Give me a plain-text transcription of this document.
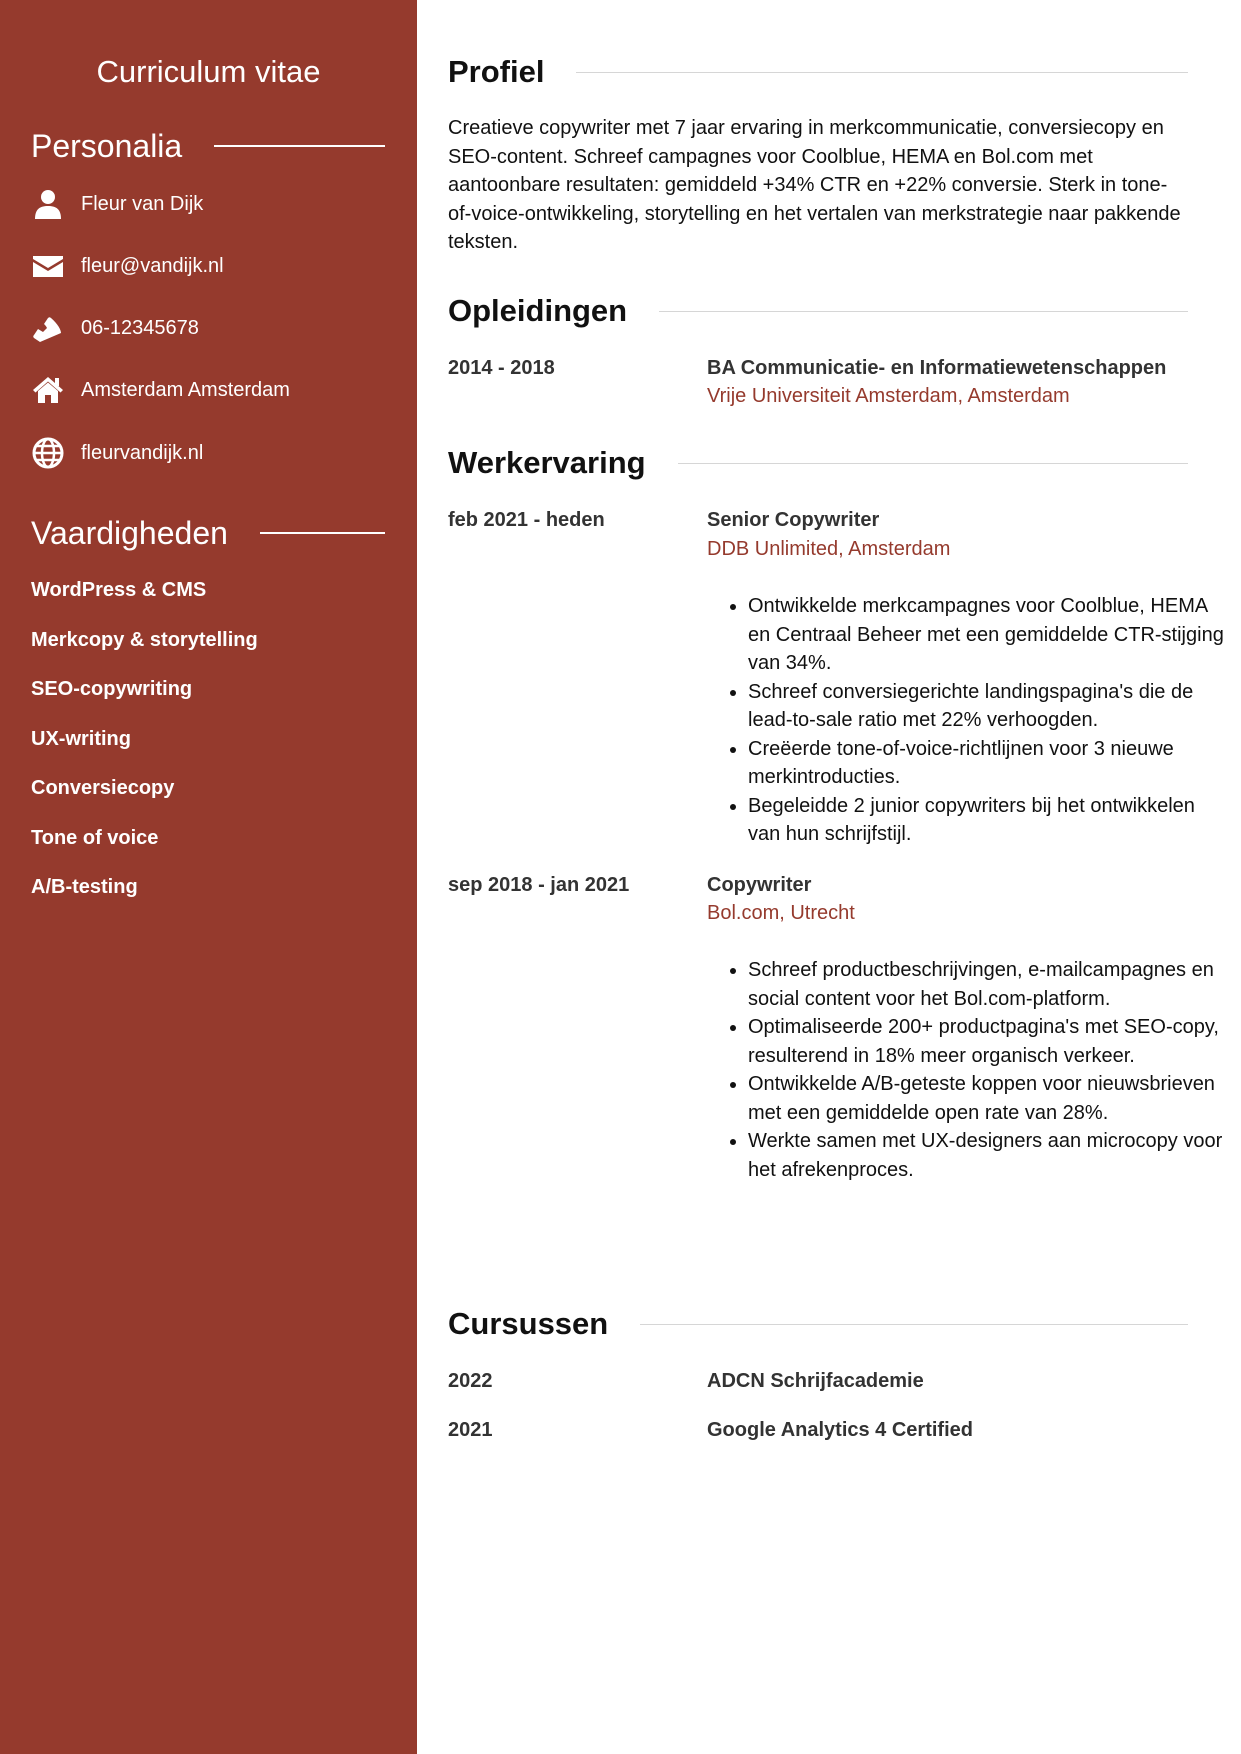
Curriculum vitae
Personalia
Fleur van Dijk
fleur@vandijk.nl
06-12345678
Amsterdam Amsterdam
fleurvandijk.nl
Vaardigheden
WordPress & CMS
Merkcopy & storytelling
SEO-copywriting
UX-writing
Conversiecopy
Tone of voice
A/B-testing
Profiel
Creatieve copywriter met 7 jaar ervaring in merkcommunicatie, conversiecopy en SEO-content. Schreef campagnes voor Coolblue, HEMA en Bol.com met aantoonbare resultaten: gemiddeld +34% CTR en +22% conversie. Sterk in tone-of-voice-ontwikkeling, storytelling en het vertalen van merkstrategie naar pakkende teksten.
Opleidingen
2014 - 2018	BA Communicatie- en Informatiewetenschappen
Vrije Universiteit Amsterdam, Amsterdam
Werkervaring
feb 2021 - heden	Senior Copywriter
DDB Unlimited, Amsterdam
• Ontwikkelde merkcampagnes voor Coolblue, HEMA en Centraal Beheer met een gemiddelde CTR-stijging van 34%.
• Schreef conversiegerichte landingspagina's die de lead-to-sale ratio met 22% verhoogden.
• Creëerde tone-of-voice-richtlijnen voor 3 nieuwe merkintroducties.
• Begeleidde 2 junior copywriters bij het ontwikkelen van hun schrijfstijl.
sep 2018 - jan 2021	Copywriter
Bol.com, Utrecht
• Schreef productbeschrijvingen, e-mailcampagnes en social content voor het Bol.com-platform.
• Optimaliseerde 200+ productpagina's met SEO-copy, resulterend in 18% meer organisch verkeer.
• Ontwikkelde A/B-geteste koppen voor nieuwsbrieven met een gemiddelde open rate van 28%.
• Werkte samen met UX-designers aan microcopy voor het afrekenproces.
Cursussen
2022	ADCN Schrijfacademie
2021	Google Analytics 4 Certified
